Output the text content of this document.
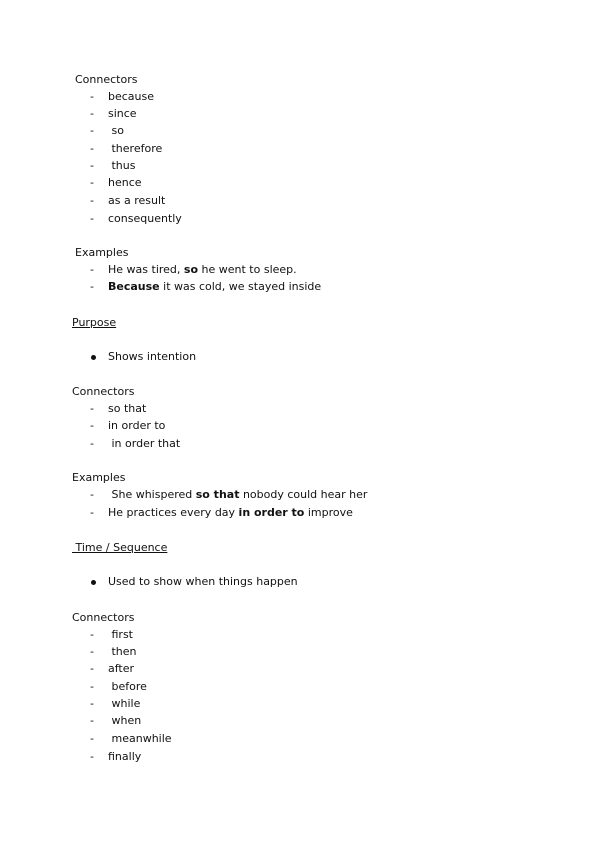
Connectors
- because
- since
- so
- therefore
- thus
- hence
- as a result
- consequently
Examples
- He was tired, so he went to sleep.
- Because it was cold, we stayed inside
Purpose
Shows intention
Connectors
- so that
- in order to
- in order that
Examples
- She whispered so that nobody could hear her
- He practices every day in order to improve
Time / Sequence
Used to show when things happen
Connectors
- first
- then
- after
- before
- while
- when
- meanwhile
- finally
